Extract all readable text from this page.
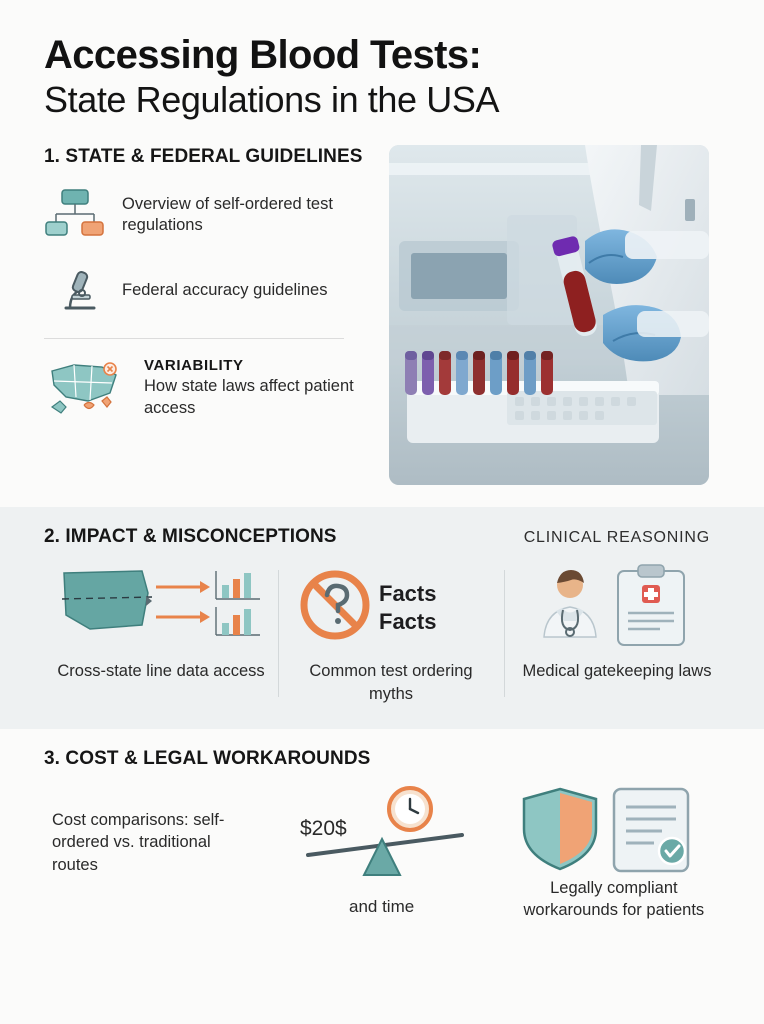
Accessing Blood Tests:
State Regulations in the USA
1. STATE & FEDERAL GUIDELINES
Overview of self-ordered test regulations
Federal accuracy guidelines
VARIABILITY
How state laws affect patient access
2. IMPACT & MISCONCEPTIONS	CLINICAL REASONING
Cross-state line data access
Facts
Facts
Common test ordering myths
Medical gatekeeping laws
3. COST & LEGAL WORKAROUNDS
Cost comparisons: self-ordered vs. traditional routes
$20$
and time
Legally compliant workarounds for patients
